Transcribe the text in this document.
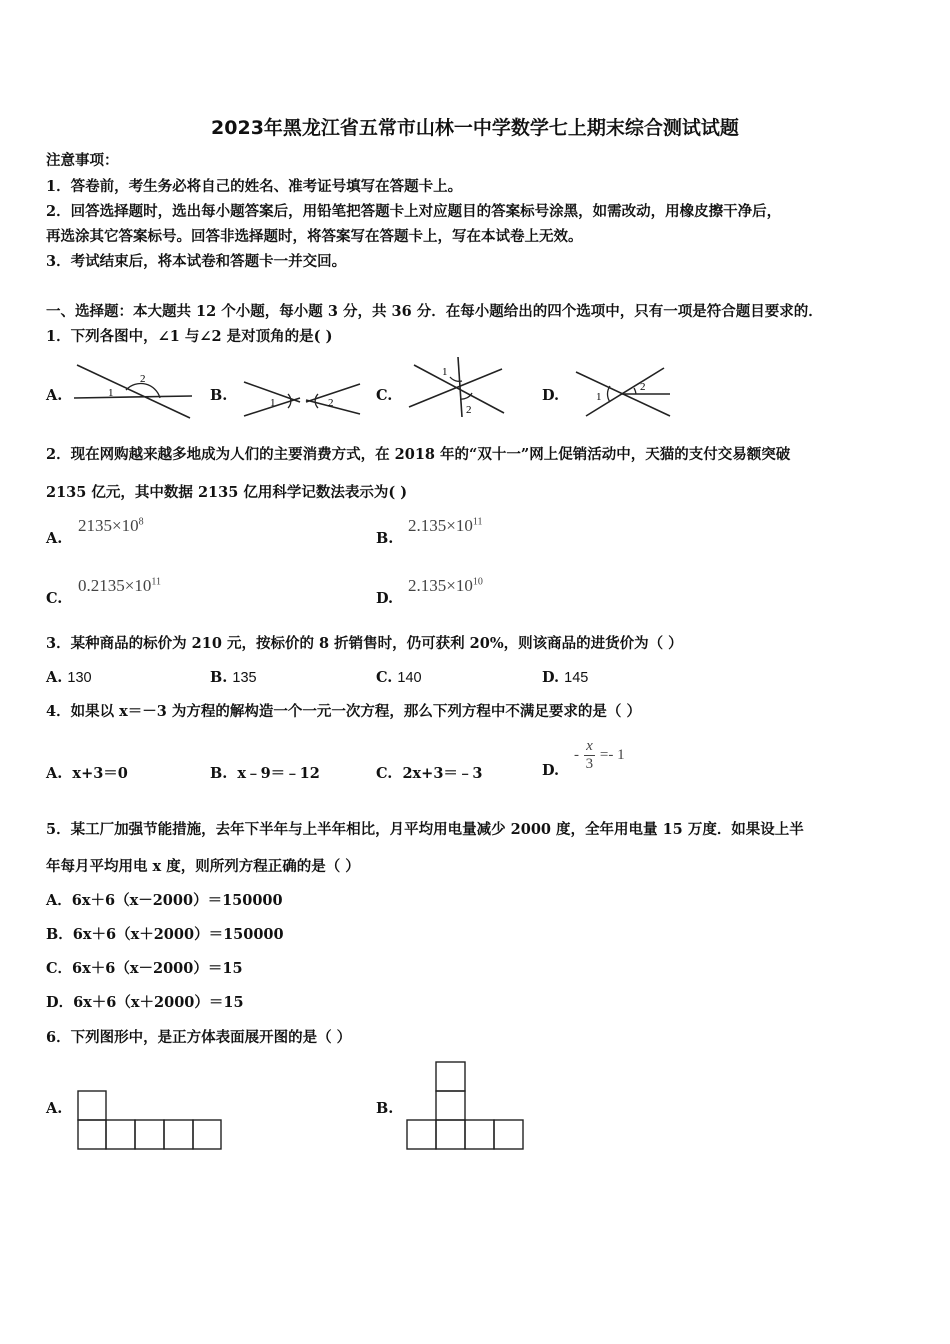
2023年黑龙江省五常市山林一中学数学七上期末综合测试试题
注意事项：
1．答卷前，考生务必将自己的姓名、准考证号填写在答题卡上。
2．回答选择题时，选出每小题答案后，用铅笔把答题卡上对应题目的答案标号涂黑，如需改动，用橡皮擦干净后，
再选涂其它答案标号。回答非选择题时，将答案写在答题卡上，写在本试卷上无效。
3．考试结束后，将本试卷和答题卡一并交回。
一、选择题：本大题共 12 个小题，每小题 3 分，共 36 分．在每小题给出的四个选项中，只有一项是符合题目要求的．
1．下列各图中，∠1 与∠2 是对顶角的是( )
A.	1
2
B.	1	2	C.
1
2
D.	1
2
2．现在网购越来越多地成为人们的主要消费方式，在 2018 年的“双十一”网上促销活动中，天猫的支付交易额突破
2135 亿元，其中数据 2135 亿用科学记数法表示为( )
A.
$2135\times 10^8$
B.
$2.135\times 10^{11}$
C.
$0.2135\times 10^{11}$
D.
$2.135\times 10^{10}$
3．某种商品的标价为 210 元，按标价的 8 折销售时，仍可获利 20%，则该商品的进货价为（ ）
A. 130	B. 135	C. 140	D. 145
4．如果以 x＝－3 为方程的解构造一个一元一次方程，那么下列方程中不满足要求的是（ ）
A. x+3＝0	B. x﹣9＝﹣12	C. 2x+3＝﹣3	D.
- $\frac{x}{3} =- 1$
5．某工厂加强节能措施，去年下半年与上半年相比，月平均用电量减少 2000 度，全年用电量 15 万度．如果设上半
年每月平均用电 x 度，则所列方程正确的是（ ）
A．6x＋6（x－2000）＝150000
B．6x＋6（x＋2000）＝150000
C．6x＋6（x－2000）＝15
D．6x＋6（x＋2000）＝15
6．下列图形中，是正方体表面展开图的是（ ）
A.	B.
